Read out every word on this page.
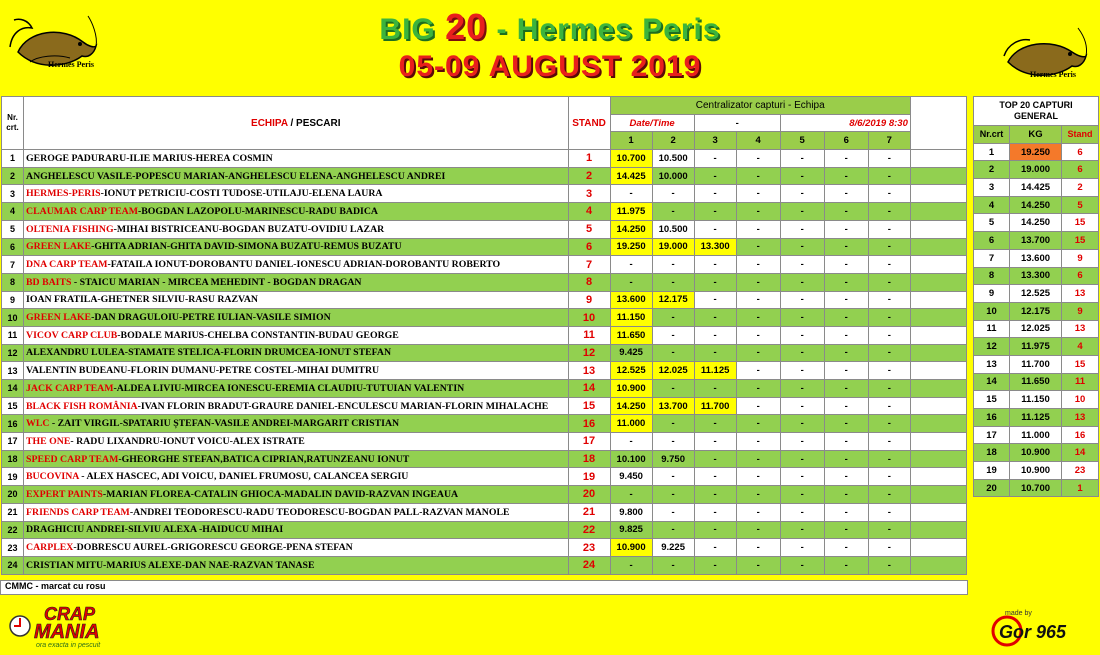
BIG 20 - Hermes Peris
05-09 AUGUST 2019
Hermes Peris
Hermes Peris
Nr.
crt.	ECHIPA / PESCARI	STAND	Centralizator capturi - Echipa							
			Date/Time		-		8/6/2019 8:30			
			1	2	3	4	5	6	7	
1	GEROGE PADURARU-ILIE MARIUS-HEREA COSMIN	1	10.700	10.500	-	-	-	-	-	
2	ANGHELESCU VASILE-POPESCU MARIAN-ANGHELESCU ELENA-ANGHELESCU ANDREI	2	14.425	10.000	-	-	-	-	-	
3	HERMES-PERIS-IONUT PETRICIU-COSTI TUDOSE-UTILAJU-ELENA LAURA	3	-	-	-	-	-	-	-	
4	CLAUMAR CARP TEAM-BOGDAN LAZOPOLU-MARINESCU-RADU BADICA	4	11.975	-	-	-	-	-	-	
5	OLTENIA FISHING-MIHAI BISTRICEANU-BOGDAN BUZATU-OVIDIU LAZAR	5	14.250	10.500	-	-	-	-	-	
6	GREEN LAKE-GHITA ADRIAN-GHITA DAVID-SIMONA BUZATU-REMUS BUZATU	6	19.250	19.000	13.300	-	-	-	-	
7	DNA CARP TEAM-FATAILA IONUT-DOROBANTU DANIEL-IONESCU ADRIAN-DOROBANTU ROBERTO	7	-	-	-	-	-	-	-	
8	BD BAITS - STAICU MARIAN - MIRCEA MEHEDINT - BOGDAN DRAGAN	8	-	-	-	-	-	-	-	
9	IOAN FRATILA-GHETNER SILVIU-RASU RAZVAN	9	13.600	12.175	-	-	-	-	-	
10	GREEN LAKE-DAN DRAGULOIU-PETRE IULIAN-VASILE SIMION	10	11.150	-	-	-	-	-	-	
11	VICOV CARP CLUB-BODALE MARIUS-CHELBA CONSTANTIN-BUDAU GEORGE	11	11.650	-	-	-	-	-	-	
12	ALEXANDRU LULEA-STAMATE STELICA-FLORIN DRUMCEA-IONUT STEFAN	12	9.425	-	-	-	-	-	-	
13	VALENTIN BUDEANU-FLORIN DUMANU-PETRE COSTEL-MIHAI DUMITRU	13	12.525	12.025	11.125	-	-	-	-	
14	JACK CARP TEAM-ALDEA LIVIU-MIRCEA IONESCU-EREMIA CLAUDIU-TUTUIAN VALENTIN	14	10.900	-	-	-	-	-	-	
15	BLACK FISH ROMÂNIA-IVAN FLORIN BRADUT-GRAURE DANIEL-ENCULESCU MARIAN-FLORIN MIHALACHE	15	14.250	13.700	11.700	-	-	-	-	
16	WLC - ZAIT VIRGIL-SPATARIU ȘTEFAN-VASILE ANDREI-MARGARIT CRISTIAN	16	11.000	-	-	-	-	-	-	
17	THE ONE- RADU LIXANDRU-IONUT VOICU-ALEX ISTRATE	17	-	-	-	-	-	-	-	
18	SPEED CARP TEAM-GHEORGHE STEFAN,BATICA CIPRIAN,RATUNZEANU IONUT	18	10.100	9.750	-	-	-	-	-	
19	BUCOVINA - ALEX HASCEC, ADI VOICU, DANIEL FRUMOSU, CALANCEA SERGIU	19	9.450	-	-	-	-	-	-	
20	EXPERT PAINTS-MARIAN FLOREA-CATALIN GHIOCA-MADALIN DAVID-RAZVAN INGEAUA	20	-	-	-	-	-	-	-	
21	FRIENDS CARP TEAM-ANDREI TEODORESCU-RADU TEODORESCU-BOGDAN PALL-RAZVAN MANOLE	21	9.800	-	-	-	-	-	-	
22	DRAGHICIU ANDREI-SILVIU ALEXA -HAIDUCU MIHAI	22	9.825	-	-	-	-	-	-	
23	CARPLEX-DOBRESCU AUREL-GRIGORESCU GEORGE-PENA STEFAN	23	10.900	9.225	-	-	-	-	-	
24	CRISTIAN MITU-MARIUS ALEXE-DAN NAE-RAZVAN TANASE	24	-	-	-	-	-	-	-	
TOP 20 CAPTURI
GENERAL		
Nr.crt	KG	Stand
1	19.250	6
2	19.000	6
3	14.425	2
4	14.250	5
5	14.250	15
6	13.700	15
7	13.600	9
8	13.300	6
9	12.525	13
10	12.175	9
11	12.025	13
12	11.975	4
13	11.700	15
14	11.650	11
15	11.150	10
16	11.125	13
17	11.000	16
18	10.900	14
19	10.900	23
20	10.700	1
CMMC - marcat cu rosu
CRAP
MANIA
ora exacta in pescuit
made by
Gor 965
